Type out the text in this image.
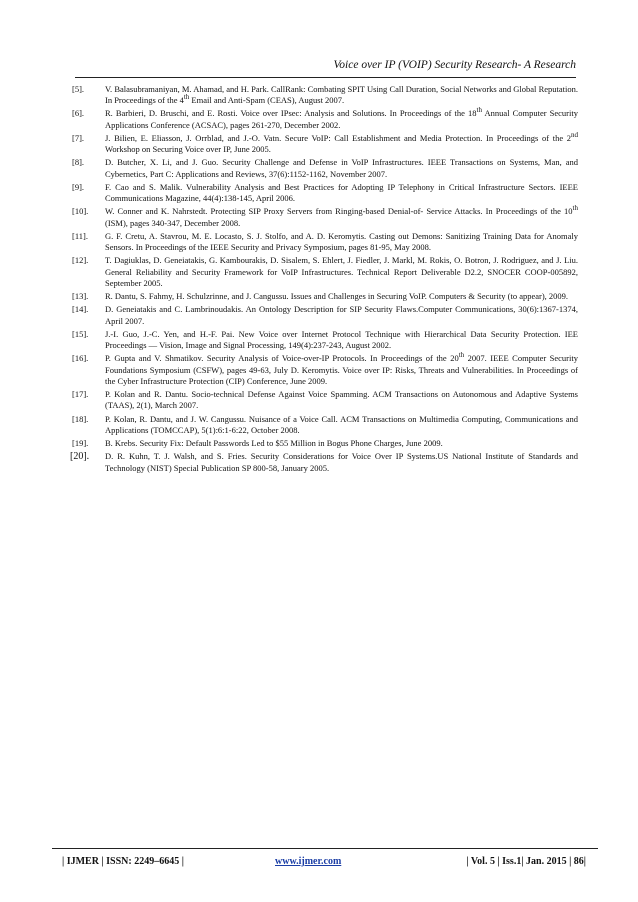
Voice over IP (VOIP) Security Research- A Research
[5].	V. Balasubramaniyan, M. Ahamad, and H. Park. CallRank: Combating SPIT Using Call Duration, Social Networks and Global Reputation. In Proceedings of the 4th Email and Anti-Spam (CEAS), August 2007.
[6].	R. Barbieri, D. Bruschi, and E. Rosti. Voice over IPsec: Analysis and Solutions. In Proceedings of the 18th Annual Computer Security Applications Conference (ACSAC), pages 261-270, December 2002.
[7].	J. Bilien, E. Eliasson, J. Orrblad, and J.-O. Vatn. Secure VoIP: Call Establishment and Media Protection. In Proceedings of the 2nd Workshop on Securing Voice over IP, June 2005.
[8].	D. Butcher, X. Li, and J. Guo. Security Challenge and Defense in VoIP Infrastructures. IEEE Transactions on Systems, Man, and Cybernetics, Part C: Applications and Reviews, 37(6):1152-1162, November 2007.
[9].	F. Cao and S. Malik. Vulnerability Analysis and Best Practices for Adopting IP Telephony in Critical Infrastructure Sectors. IEEE Communications Magazine, 44(4):138-145, April 2006.
[10].	W. Conner and K. Nahrstedt. Protecting SIP Proxy Servers from Ringing-based Denial-of- Service Attacks. In Proceedings of the 10th (ISM), pages 340-347, December 2008.
[11].	G. F. Cretu, A. Stavrou, M. E. Locasto, S. J. Stolfo, and A. D. Keromytis. Casting out Demons: Sanitizing Training Data for Anomaly Sensors. In Proceedings of the IEEE Security and Privacy Symposium, pages 81-95, May 2008.
[12].	T. Dagiuklas, D. Geneiatakis, G. Kambourakis, D. Sisalem, S. Ehlert, J. Fiedler, J. Markl, M. Rokis, O. Botron, J. Rodriguez, and J. Liu. General Reliability and Security Framework for VoIP Infrastructures. Technical Report Deliverable D2.2, SNOCER COOP-005892, September 2005.
[13].	R. Dantu, S. Fahmy, H. Schulzrinne, and J. Cangussu. Issues and Challenges in Securing VoIP. Computers & Security (to appear), 2009.
[14].	D. Geneiatakis and C. Lambrinoudakis. An Ontology Description for SIP Security Flaws.Computer Communications, 30(6):1367-1374, April 2007.
[15].	J.-I. Guo, J.-C. Yen, and H.-F. Pai. New Voice over Internet Protocol Technique with Hierarchical Data Security Protection. IEE Proceedings — Vision, Image and Signal Processing, 149(4):237-243, August 2002.
[16].	P. Gupta and V. Shmatikov. Security Analysis of Voice-over-IP Protocols. In Proceedings of the 20th 2007. IEEE Computer Security Foundations Symposium (CSFW), pages 49-63, July D. Keromytis. Voice over IP: Risks, Threats and Vulnerabilities. In Proceedings of the Cyber Infrastructure Protection (CIP) Conference, June 2009.
[17].	P. Kolan and R. Dantu. Socio-technical Defense Against Voice Spamming. ACM Transactions on Autonomous and Adaptive Systems (TAAS), 2(1), March 2007.
[18].	P. Kolan, R. Dantu, and J. W. Cangussu. Nuisance of a Voice Call. ACM Transactions on Multimedia Computing, Communications and Applications (TOMCCAP), 5(1):6:1-6:22, October 2008.
[19].	B. Krebs. Security Fix: Default Passwords Led to $55 Million in Bogus Phone Charges, June 2009.
[20].	D. R. Kuhn, T. J. Walsh, and S. Fries. Security Considerations for Voice Over IP Systems.US National Institute of Standards and Technology (NIST) Special Publication SP 800-58, January 2005.
| IJMER | ISSN: 2249–6645 |	www.ijmer.com	| Vol. 5 | Iss.1| Jan. 2015 | 86|
